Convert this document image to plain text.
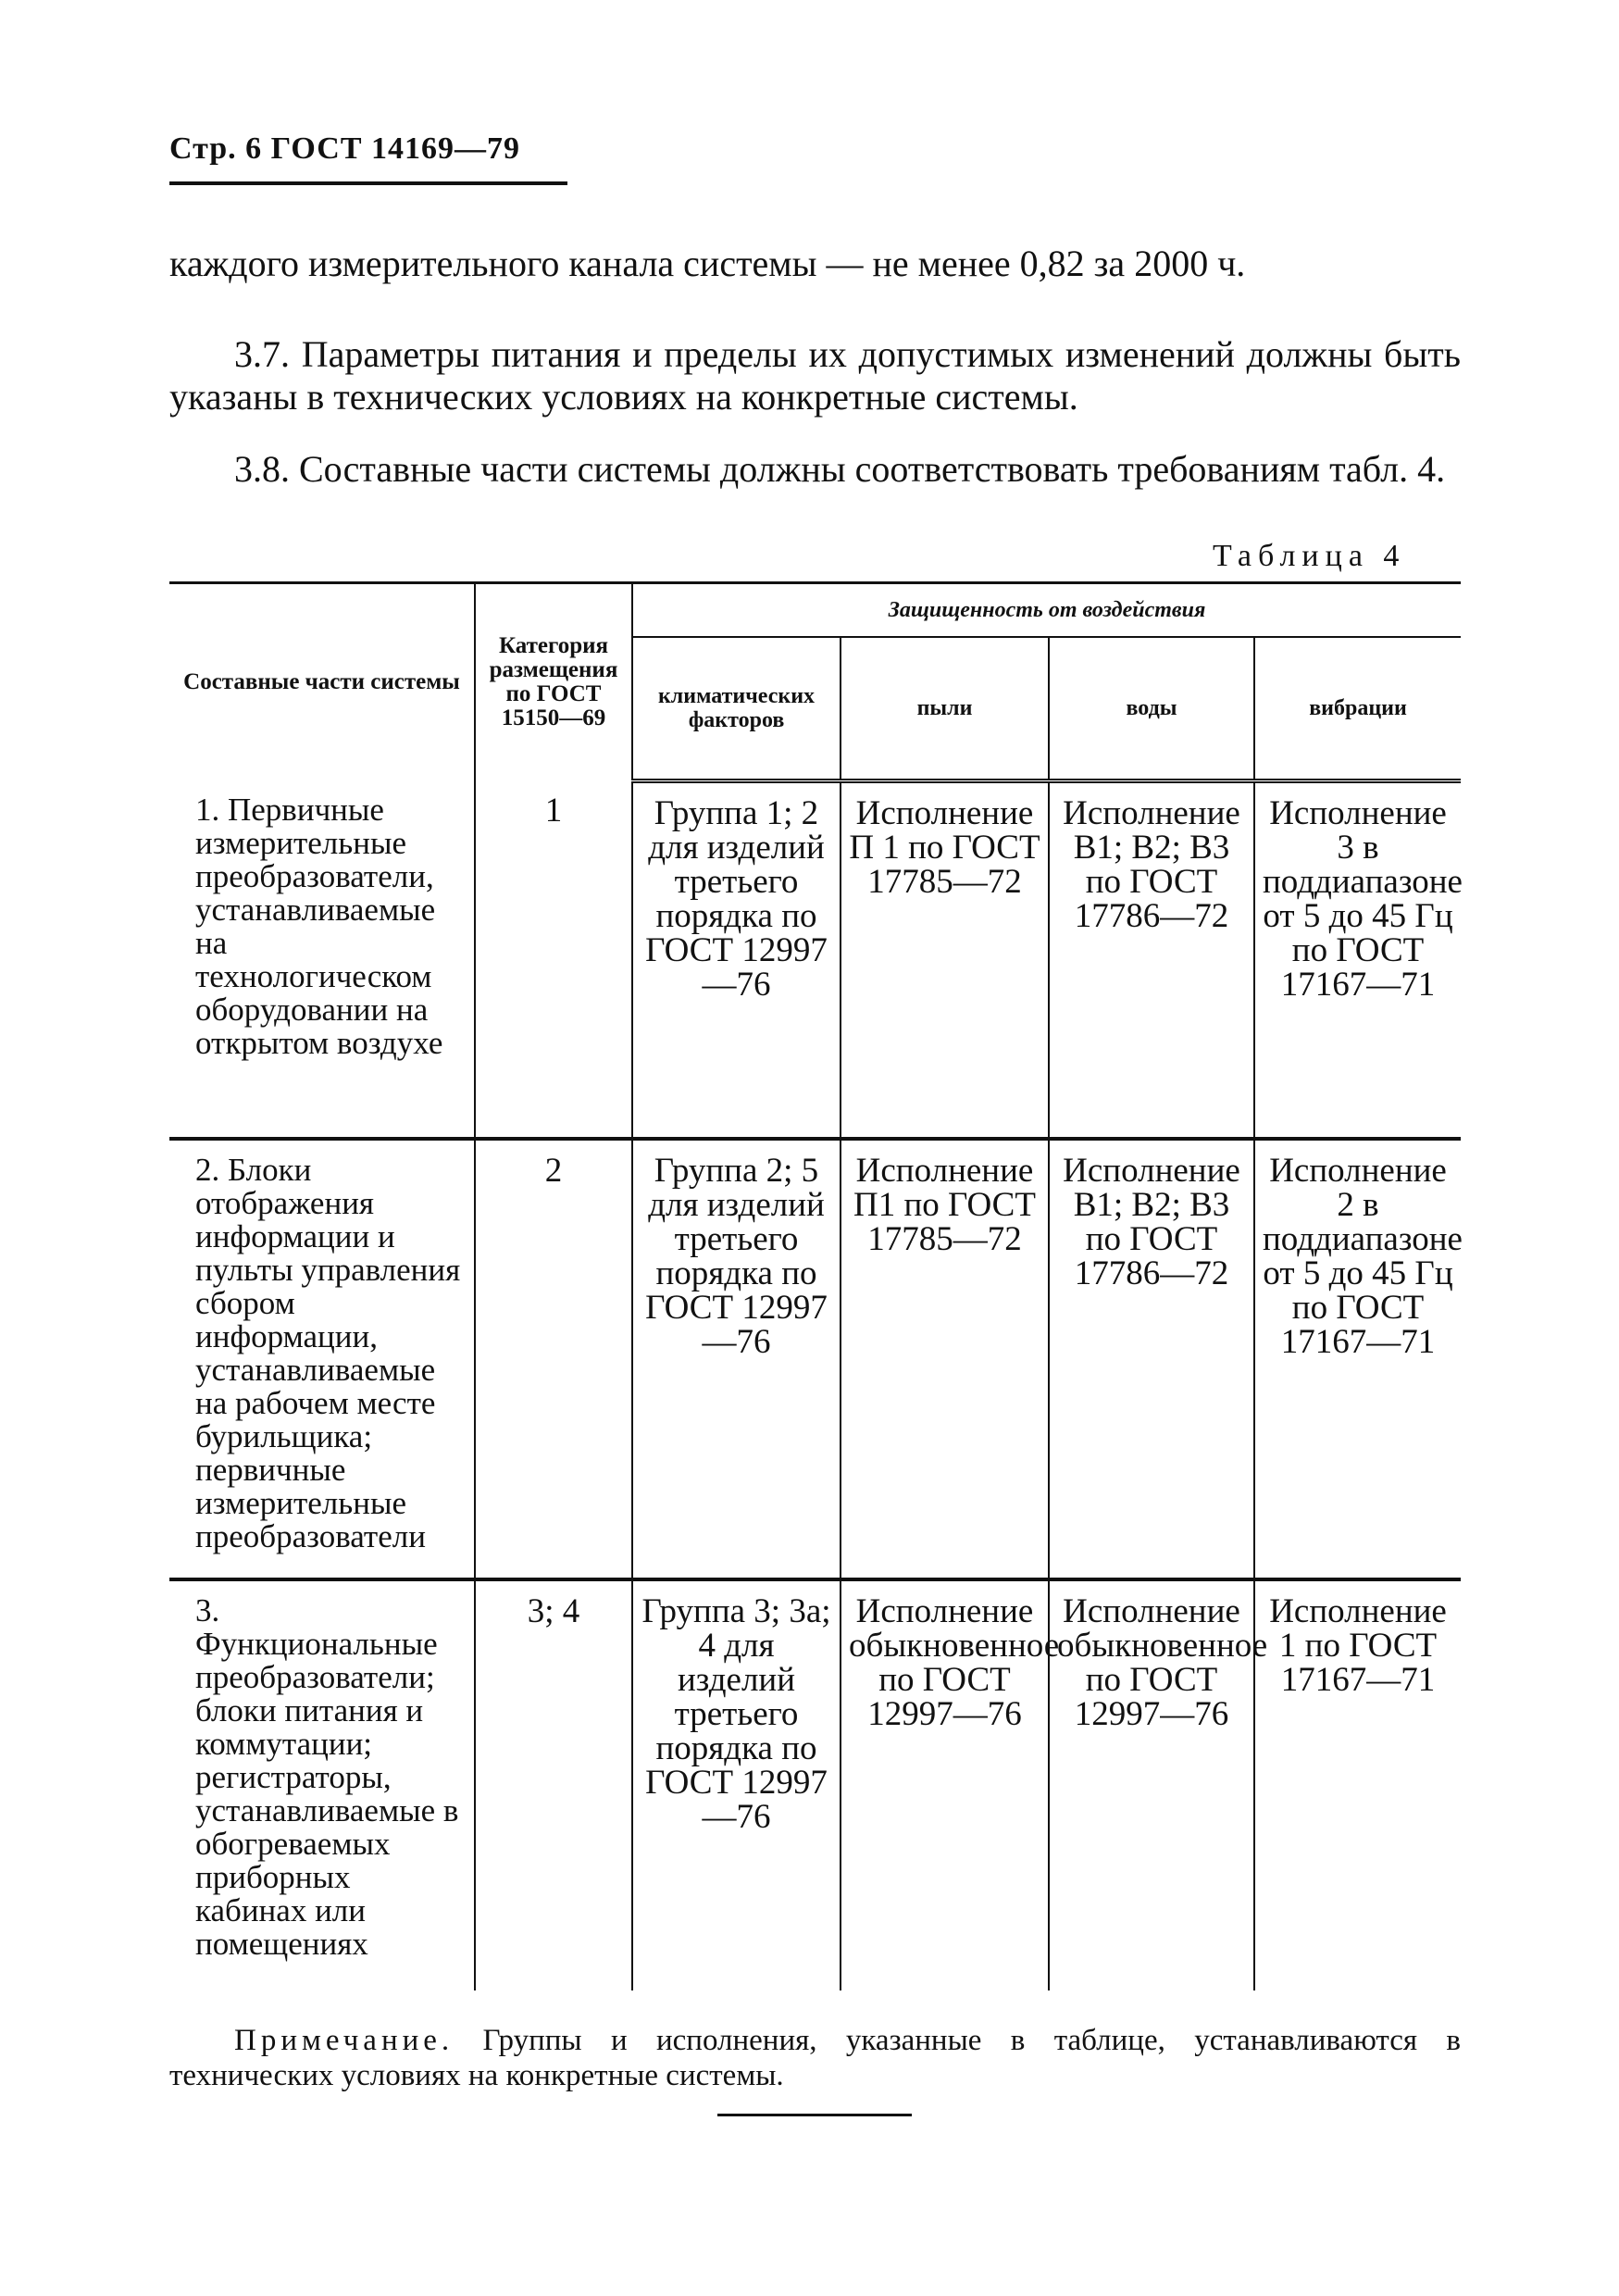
Стр. 6 ГОСТ 14169—79
каждого измерительного канала системы — не менее 0,82 за 2000 ч.
3.7. Параметры питания и пределы их допустимых изменений должны быть указаны в технических условиях на конкретные системы.
3.8. Составные части системы должны соответствовать требованиям табл. 4.
Таблица 4
Составные части системы	Категория размещения по ГОСТ 15150—69	Защищенность от воздействия			
		климатических факторов	пыли	воды	вибрации
1. Первичные измерительные преобразователи, устанавливаемые на технологическом оборудовании на открытом воздухе	1	Группа 1; 2 для изделий третьего порядка по ГОСТ 12997—76	Исполнение П 1 по ГОСТ 17785—72	Исполнение В1; В2; В3 по ГОСТ 17786—72	Исполнение 3 в поддиапазоне от 5 до 45 Гц по ГОСТ 17167—71
2. Блоки отображения информации и пульты управления сбором информации, устанавливаемые на рабочем месте бурильщика; первичные измерительные преобразователи	2	Группа 2; 5 для изделий третьего порядка по ГОСТ 12997—76	Исполнение П1 по ГОСТ 17785—72	Исполнение В1; В2; В3 по ГОСТ 17786—72	Исполнение 2 в поддиапазоне от 5 до 45 Гц по ГОСТ 17167—71
3. Функциональные преобразователи; блоки питания и коммутации; регистраторы, устанавливаемые в обогреваемых приборных кабинах или помещениях	3; 4	Группа 3; 3а; 4 для изделий третьего порядка по ГОСТ 12997—76	Исполнение обыкновенное по ГОСТ 12997—76	Исполнение обыкновенное по ГОСТ 12997—76	Исполнение 1 по ГОСТ 17167—71
Примечание. Группы и исполнения, указанные в таблице, устанавливаются в технических условиях на конкретные системы.
